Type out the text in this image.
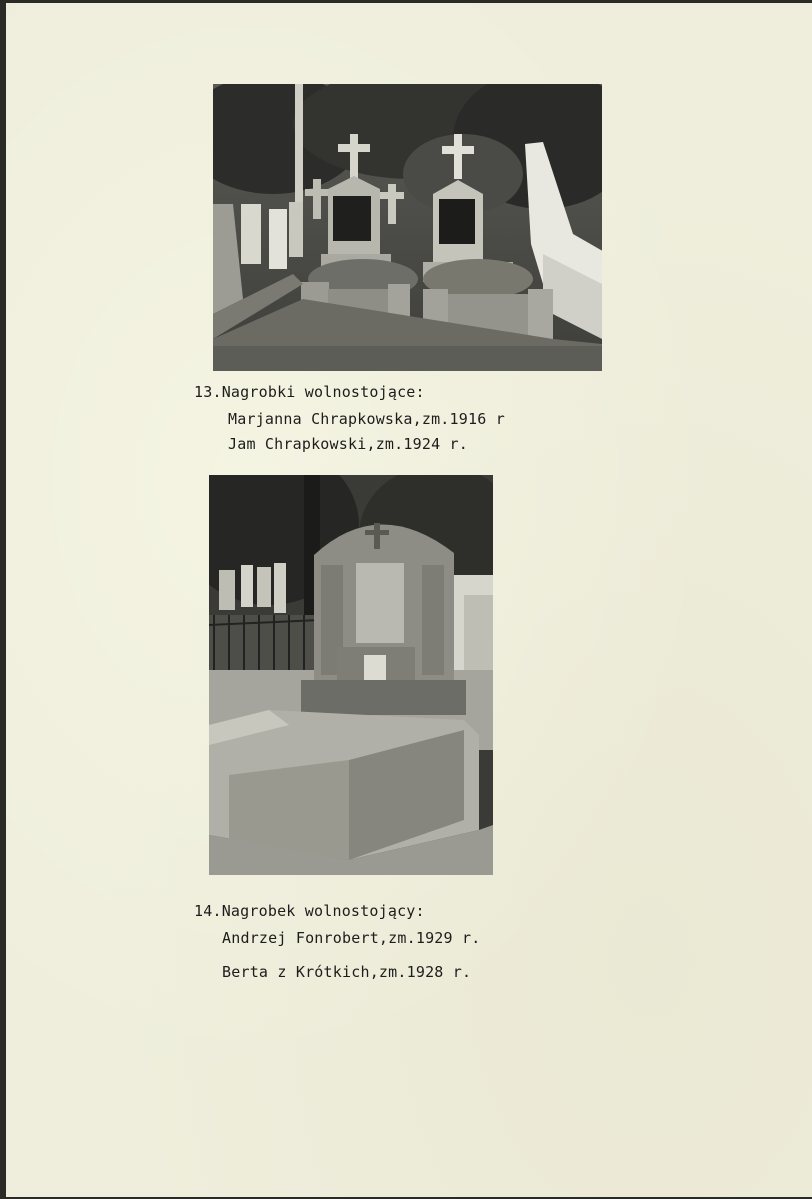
13.Nagrobki wolnostojące:
Marjanna Chrapkowska,zm.1916 r
Jam Chrapkowski,zm.1924 r.
14.Nagrobek wolnostojący:
Andrzej Fonrobert,zm.1929 r.
Berta z Krótkich,zm.1928 r.
